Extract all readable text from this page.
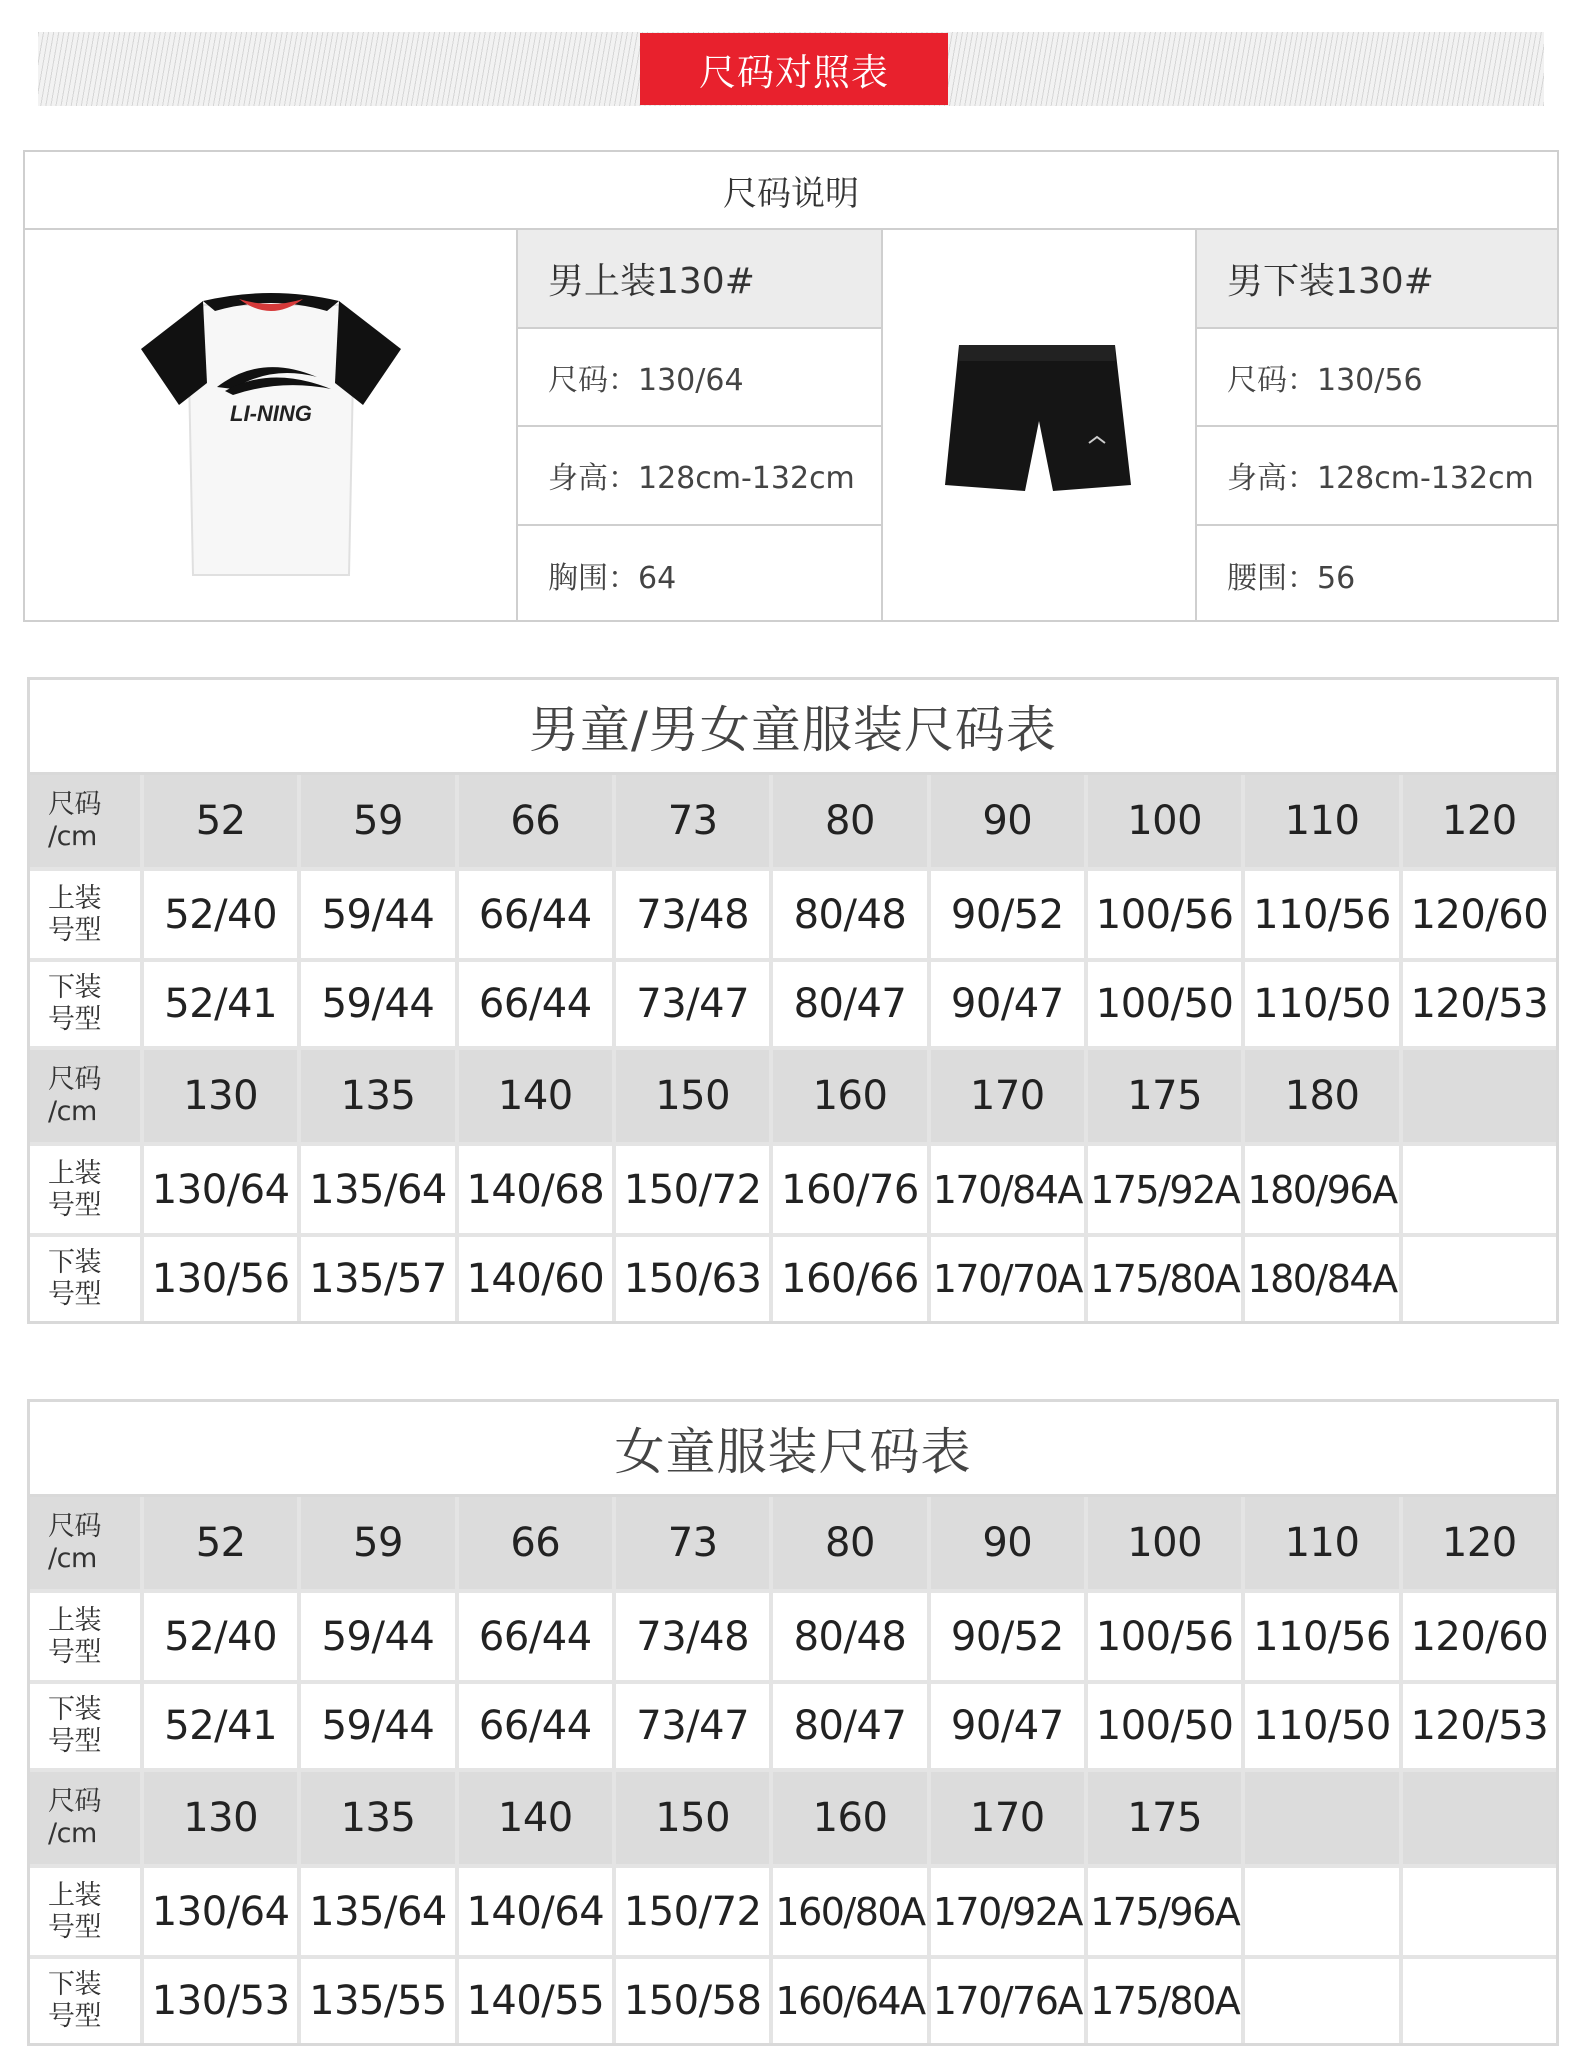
尺码对照表
尺码说明
LI-NING
男上装130#
尺码：130/64
身高：128cm-132cm
胸围：64
男下装130#
尺码：130/56
身高：128cm-132cm
腰围：56
男童/男女童服装尺码表
尺码
/cm	52	59	66	73	80	90	100	110	120
上装
号型	52/40	59/44	66/44	73/48	80/48	90/52 100/56 110/56 120/60
下装
号型	52/41	59/44	66/44	73/47	80/47	90/47 100/50 110/50 120/53
尺码
/cm	130	135	140	150	160	170	175	180
上装
号型 130/64 135/64 140/68 150/72 160/76 170/84A 175/92A 180/96A
下装
号型 130/56 135/57 140/60 150/63 160/66 170/70A 175/80A 180/84A
女童服装尺码表
尺码
/cm	52	59	66	73	80	90	100	110	120
上装
号型	52/40	59/44	66/44	73/48	80/48	90/52 100/56 110/56 120/60
下装
号型	52/41	59/44	66/44	73/47	80/47	90/47 100/50 110/50 120/53
尺码
/cm	130	135	140	150	160	170	175
上装
号型 130/64 135/64 140/64 150/72 160/80A 170/92A 175/96A
下装
号型 130/53 135/55 140/55 150/58 160/64A 170/76A 175/80A
